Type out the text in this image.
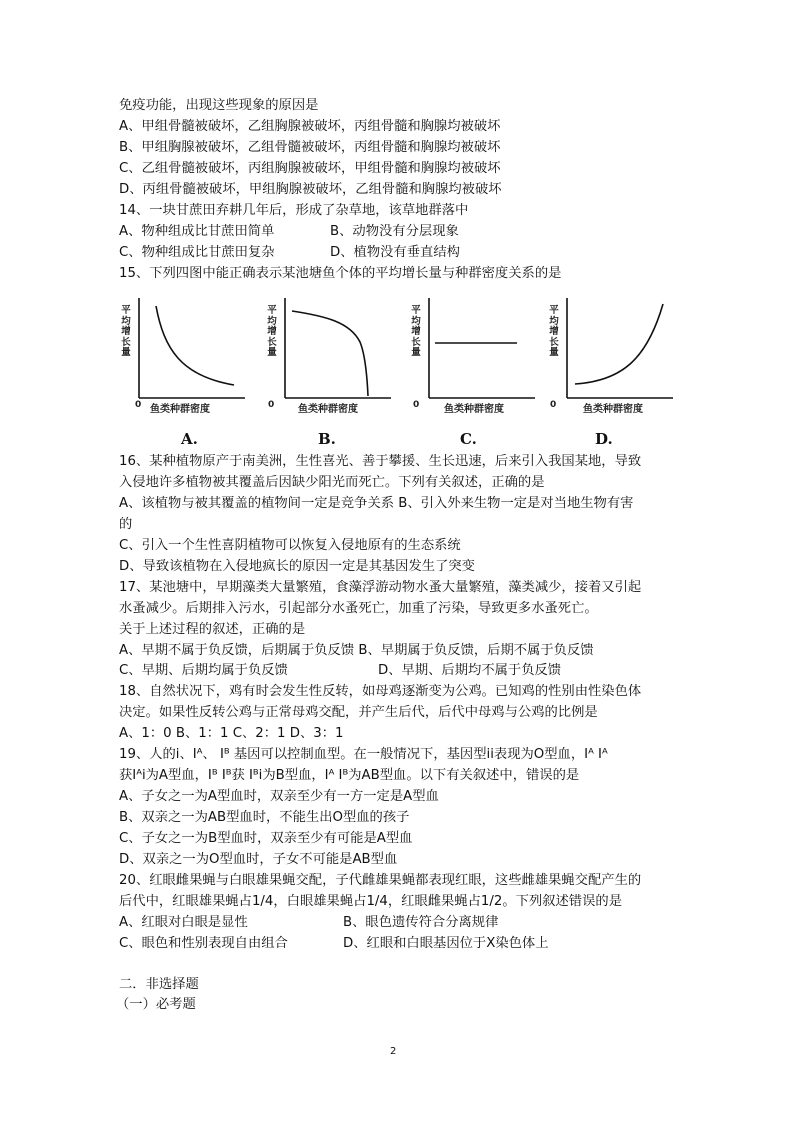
免疫功能，出现这些现象的原因是
A、甲组骨髓被破坏，乙组胸腺被破坏，丙组骨髓和胸腺均被破坏
B、甲组胸腺被破坏，乙组骨髓被破坏，丙组骨髓和胸腺均被破坏
C、乙组骨髓被破坏，丙组胸腺被破坏，甲组骨髓和胸腺均被破坏
D、丙组骨髓被破坏，甲组胸腺被破坏，乙组骨髓和胸腺均被破坏
14、一块甘蔗田弃耕几年后，形成了杂草地，该草地群落中
A、物种组成比甘蔗田简单	B、动物没有分层现象
C、物种组成比甘蔗田复杂	D、植物没有垂直结构
15、下列四图中能正确表示某池塘鱼个体的平均增长量与种群密度关系的是
平均增长量
0 鱼类种群密度
A.
平均增长量
0 鱼类种群密度
B.
平均增长量
0 鱼类种群密度
C.
平均增长量
0	鱼类种群密度
D.
16、某种植物原产于南美洲，生性喜光、善于攀援、生长迅速，后来引入我国某地，导致
入侵地许多植物被其覆盖后因缺少阳光而死亡。下列有关叙述，正确的是
A、该植物与被其覆盖的植物间一定是竞争关系 B、引入外来生物一定是对当地生物有害
的
C、引入一个生性喜阴植物可以恢复入侵地原有的生态系统
D、导致该植物在入侵地疯长的原因一定是其基因发生了突变
17、某池塘中，早期藻类大量繁殖，食藻浮游动物水蚤大量繁殖，藻类减少，接着又引起
水蚤减少。后期排入污水，引起部分水蚤死亡，加重了污染，导致更多水蚤死亡。
关于上述过程的叙述，正确的是
A、早期不属于负反馈，后期属于负反馈 B、早期属于负反馈，后期不属于负反馈
C、早期、后期均属于负反馈	D、早期、后期均不属于负反馈
18、自然状况下，鸡有时会发生性反转，如母鸡逐渐变为公鸡。已知鸡的性别由性染色体
决定。如果性反转公鸡与正常母鸡交配，并产生后代，后代中母鸡与公鸡的比例是
A、1：0 B、1：1 C、2：1 D、3：1
19、人的i、Iᴬ、 Iᴮ 基因可以控制血型。在一般情况下，基因型ii表现为O型血，Iᴬ Iᴬ
获Iᴬi为A型血，Iᴮ Iᴮ获 Iᴮi为B型血，Iᴬ Iᴮ为AB型血。以下有关叙述中，错误的是
A、子女之一为A型血时，双亲至少有一方一定是A型血
B、双亲之一为AB型血时，不能生出O型血的孩子
C、子女之一为B型血时，双亲至少有可能是A型血
D、双亲之一为O型血时，子女不可能是AB型血
20、红眼雌果蝇与白眼雄果蝇交配，子代雌雄果蝇都表现红眼，这些雌雄果蝇交配产生的
后代中，红眼雄果蝇占1/4，白眼雄果蝇占1/4，红眼雌果蝇占1/2。下列叙述错误的是
A、红眼对白眼是显性	B、眼色遗传符合分离规律
C、眼色和性别表现自由组合	D、红眼和白眼基因位于X染色体上
二．非选择题
（一）必考题
2
